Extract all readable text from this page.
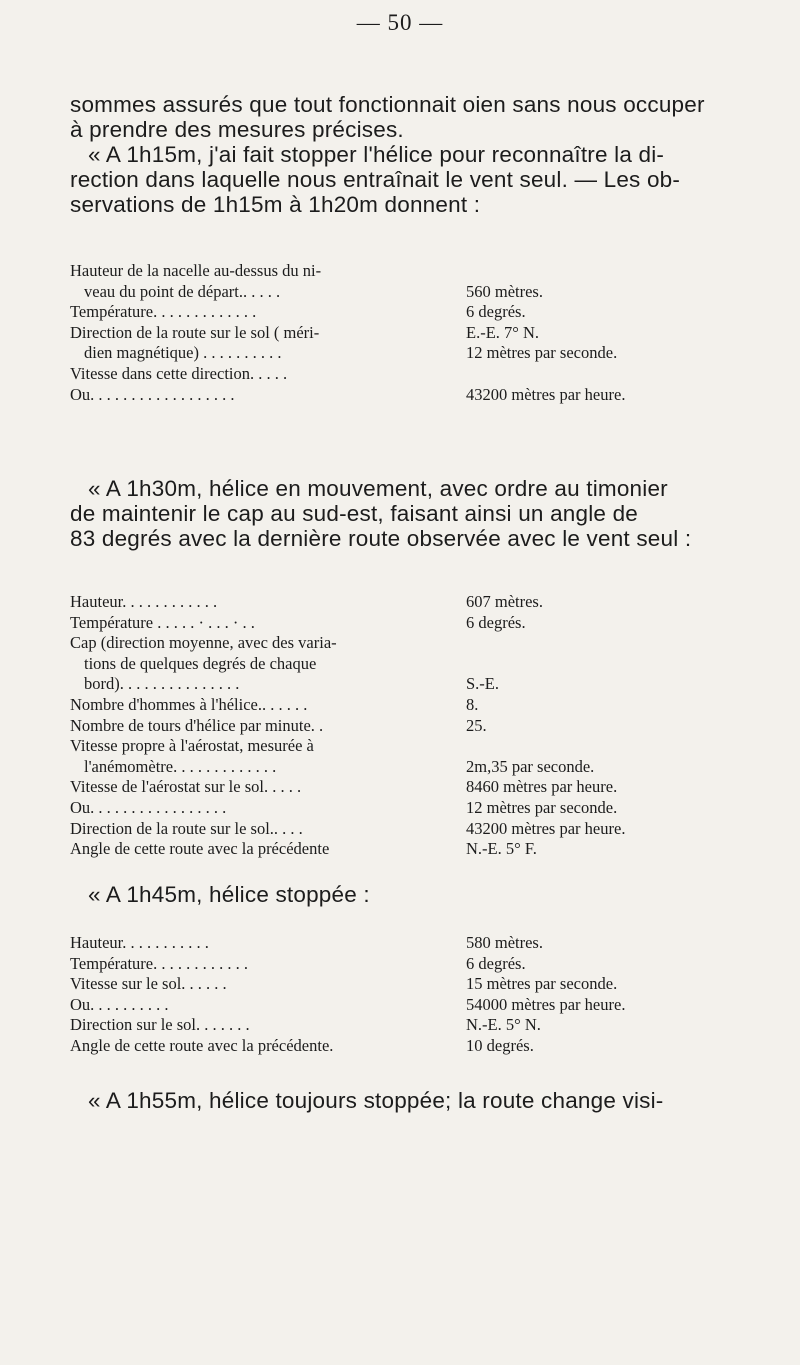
— 50 —

sommes assurés que tout fonctionnait oien sans nous occuper
à prendre des mesures précises.
« A 1h15m, j'ai fait stopper l'hélice pour reconnaître la di-
rection dans laquelle nous entraînait le vent seul. — Les ob-
servations de 1h15m à 1h20m donnent :

Hauteur de la nacelle au-dessus du ni-
veau du point de départ.. . . . .	560 mètres.
Température. . . . . . . . . . . . .	6 degrés.
Direction de la route sur le sol ( méri-	E.-E. 7° N.
dien magnétique) . . . . . . . . . .	12 mètres par seconde.
Vitesse dans cette direction. . . . .
Ou. . . . . . . . . . . . . . . . . .	43200 mètres par heure.

« A 1h30m, hélice en mouvement, avec ordre au timonier
de maintenir le cap au sud-est, faisant ainsi un angle de
83 degrés avec la dernière route observée avec le vent seul :

Hauteur. . . . . . . . . . . .	607 mètres.
Température . . . . . · . . . · . .	6 degrés.
Cap (direction moyenne, avec des varia-
tions de quelques degrés de chaque
bord). . . . . . . . . . . . . . .	S.-E.
Nombre d'hommes à l'hélice.. . . . . .	8.
Nombre de tours d'hélice par minute. .	25.
Vitesse propre à l'aérostat, mesurée à
l'anémomètre. . . . . . . . . . . . .	2m,35 par seconde.
Vitesse de l'aérostat sur le sol. . . . .	8460 mètres par heure.
Ou. . . . . . . . . . . . . . . . .	12 mètres par seconde.
Direction de la route sur le sol.. . . .	43200 mètres par heure.
Angle de cette route avec la précédente	N.-E. 5° F.

« A 1h45m, hélice stoppée :

Hauteur. . . . . . . . . . .	580 mètres.
Température. . . . . . . . . . . .	6 degrés.
Vitesse sur le sol. . . . . .	15 mètres par seconde.
Ou. . . . . . . . . .	54000 mètres par heure.
Direction sur le sol. . . . . . .	N.-E. 5° N.
Angle de cette route avec la précédente.	10 degrés.

« A 1h55m, hélice toujours stoppée; la route change visi-
